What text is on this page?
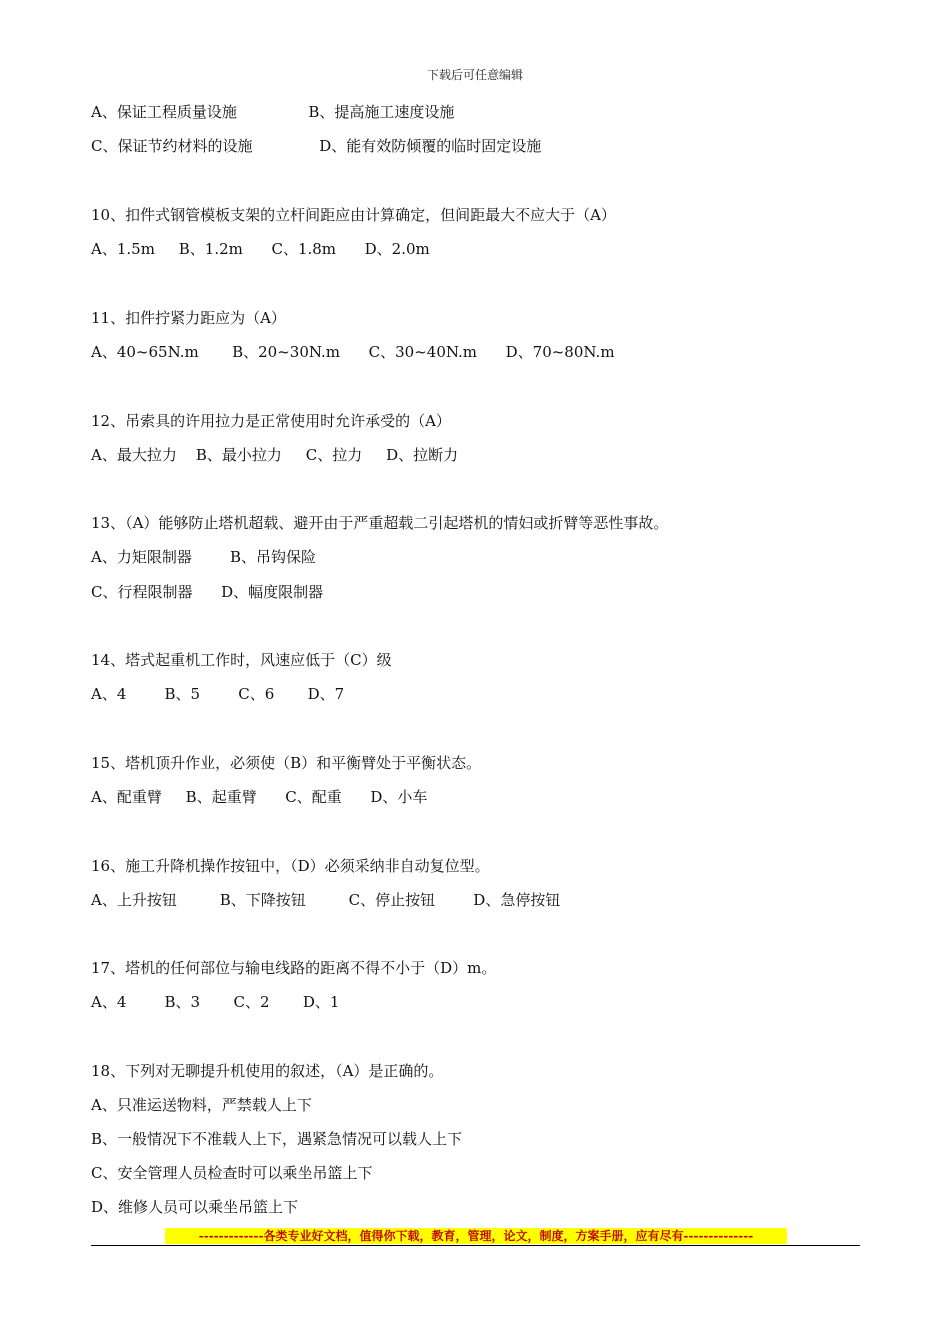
下载后可任意编辑
A、保证工程质量设施               B、提高施工速度设施
C、保证节约材料的设施              D、能有效防倾覆的临时固定设施
10、扣件式钢管模板支架的立杆间距应由计算确定，但间距最大不应大于（A）
A、1.5m     B、1.2m      C、1.8m      D、2.0m
11、扣件拧紧力距应为（A）
A、40~65N.m       B、20~30N.m      C、30~40N.m      D、70~80N.m
12、吊索具的许用拉力是正常使用时允许承受的（A）
A、最大拉力    B、最小拉力     C、拉力     D、拉断力
13、（A）能够防止塔机超载、避开由于严重超载二引起塔机的情妇或折臂等恶性事故。
A、力矩限制器        B、吊钩保险
C、行程限制器      D、幅度限制器
14、塔式起重机工作时，风速应低于（C）级
A、4        B、5        C、6       D、7
15、塔机顶升作业，必须使（B）和平衡臂处于平衡状态。
A、配重臂     B、起重臂      C、配重      D、小车
16、施工升降机操作按钮中，（D）必须采纳非自动复位型。
A、上升按钮         B、下降按钮         C、停止按钮        D、急停按钮
17、塔机的任何部位与输电线路的距离不得不小于（D）m。
A、4        B、3       C、2       D、1
18、下列对无聊提升机使用的叙述，（A）是正确的。
A、只准运送物料，严禁载人上下
B、一般情况下不准载人上下，遇紧急情况可以载人上下
C、安全管理人员检查时可以乘坐吊篮上下
D、维修人员可以乘坐吊篮上下
-------------各类专业好文档，值得你下载，教育，管理，论文，制度，方案手册，应有尽有--------------
